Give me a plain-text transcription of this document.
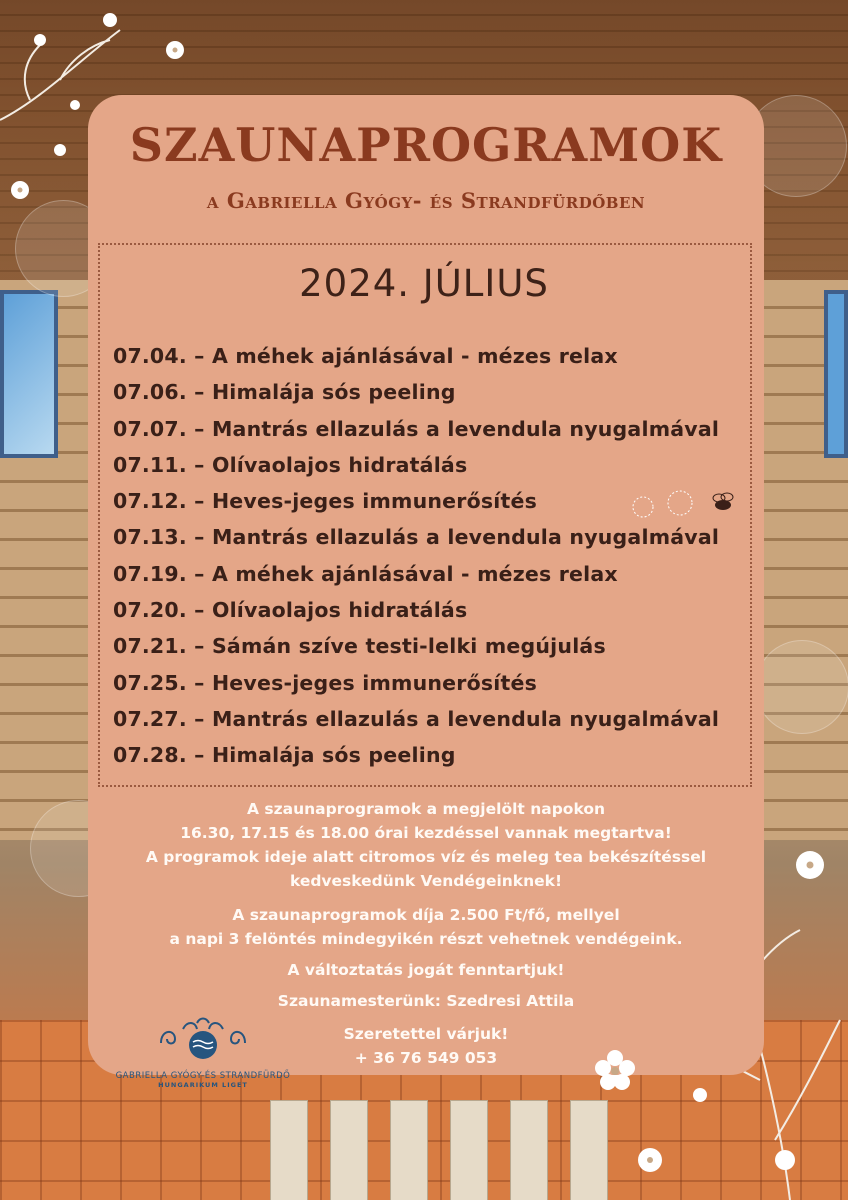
SZAUNAPROGRAMOK
a Gabriella Gyógy- és Strandfürdőben
2024. JÚLIUS
07.04. – A méhek ajánlásával - mézes relax
07.06. – Himalája sós peeling
07.07. – Mantrás ellazulás a levendula nyugalmával
07.11. – Olívaolajos hidratálás
07.12. – Heves-jeges immunerősítés
07.13. – Mantrás ellazulás a levendula nyugalmával
07.19. – A méhek ajánlásával - mézes relax
07.20. – Olívaolajos hidratálás
07.21. – Sámán szíve testi-lelki megújulás
07.25. – Heves-jeges immunerősítés
07.27. – Mantrás ellazulás a levendula nyugalmával
07.28. – Himalája sós peeling
A szaunaprogramok a megjelölt napokon
16.30, 17.15 és 18.00 órai kezdéssel vannak megtartva!
A programok ideje alatt citromos víz és meleg tea bekészítéssel
kedveskedünk Vendégeinknek!
A szaunaprogramok díja 2.500 Ft/fő, mellyel
a napi 3 felöntés mindegyikén részt vehetnek vendégeink.
A változtatás jogát fenntartjuk!
Szaunamesterünk: Szedresi Attila
Szeretettel várjuk!
+ 36 76 549 053
GABRIELLA GYÓGY-ÉS STRANDFÜRDŐ
HUNGARIKUM LIGET
